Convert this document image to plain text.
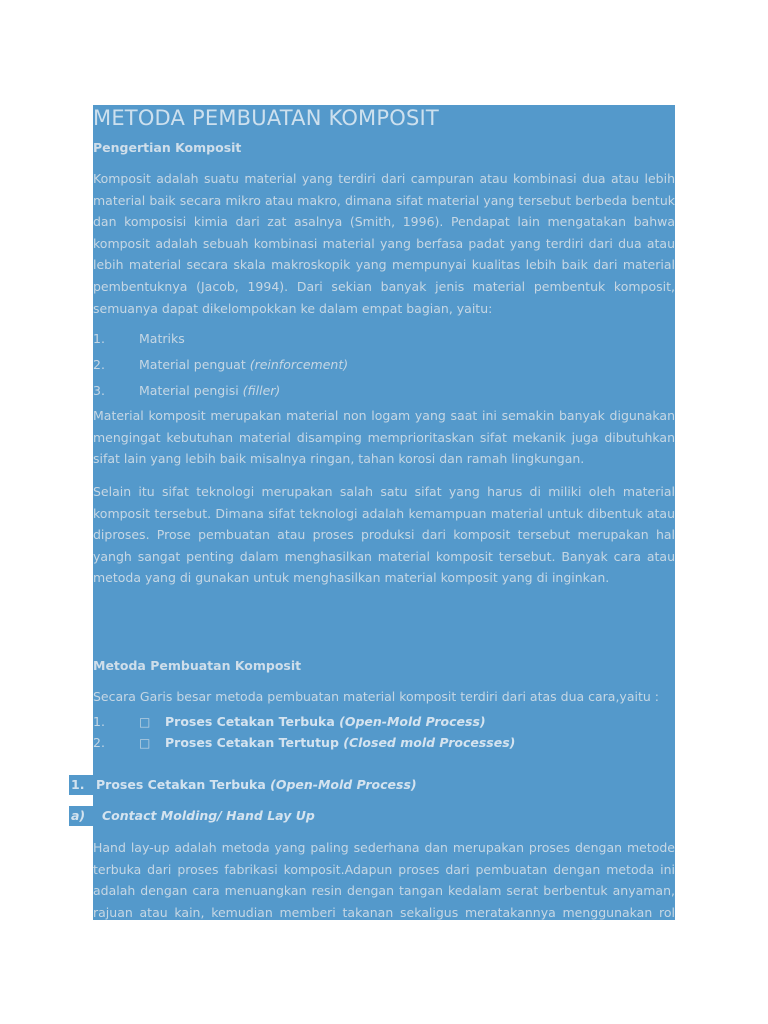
METODA PEMBUATAN KOMPOSIT
Pengertian Komposit
Komposit adalah suatu material yang terdiri dari campuran atau kombinasi dua atau lebih material baik secara mikro atau makro, dimana sifat material yang tersebut berbeda bentuk dan komposisi kimia dari zat asalnya (Smith, 1996). Pendapat lain mengatakan bahwa komposit adalah sebuah kombinasi material yang berfasa padat yang terdiri dari dua atau lebih material secara skala makroskopik yang mempunyai kualitas lebih baik dari material pembentuknya (Jacob, 1994). Dari sekian banyak jenis material pembentuk komposit, semuanya dapat dikelompokkan ke dalam empat bagian, yaitu:
1.	Matriks
2.	Material penguat (reinforcement)
3.	Material pengisi (filler)
Material komposit merupakan material non logam yang saat ini semakin banyak digunakan mengingat kebutuhan material disamping memprioritaskan sifat mekanik juga dibutuhkan sifat lain yang lebih baik misalnya ringan, tahan korosi dan ramah lingkungan.
Selain itu sifat teknologi merupakan salah satu sifat yang harus di miliki oleh material komposit tersebut. Dimana sifat teknologi adalah kemampuan material untuk dibentuk atau diproses. Prose pembuatan atau proses produksi dari komposit tersebut merupakan hal yangh sangat penting dalam menghasilkan material komposit tersebut. Banyak cara atau metoda yang di gunakan untuk menghasilkan material komposit yang di inginkan.
Metoda Pembuatan Komposit
Secara Garis besar metoda pembuatan material komposit terdiri dari atas dua cara,yaitu :
1.	□ Proses Cetakan Terbuka (Open-Mold Process)
2.	□ Proses Cetakan Tertutup (Closed mold Processes)
1. Proses Cetakan Terbuka (Open-Mold Process)
a) Contact Molding/ Hand Lay Up
Hand lay-up adalah metoda yang paling sederhana dan merupakan proses dengan metode terbuka dari proses fabrikasi komposit.Adapun proses dari pembuatan dengan metoda ini adalah dengan cara menuangkan resin dengan tangan kedalam serat berbentuk anyaman, rajuan atau kain, kemudian memberi takanan sekaligus meratakannya menggunakan rol
